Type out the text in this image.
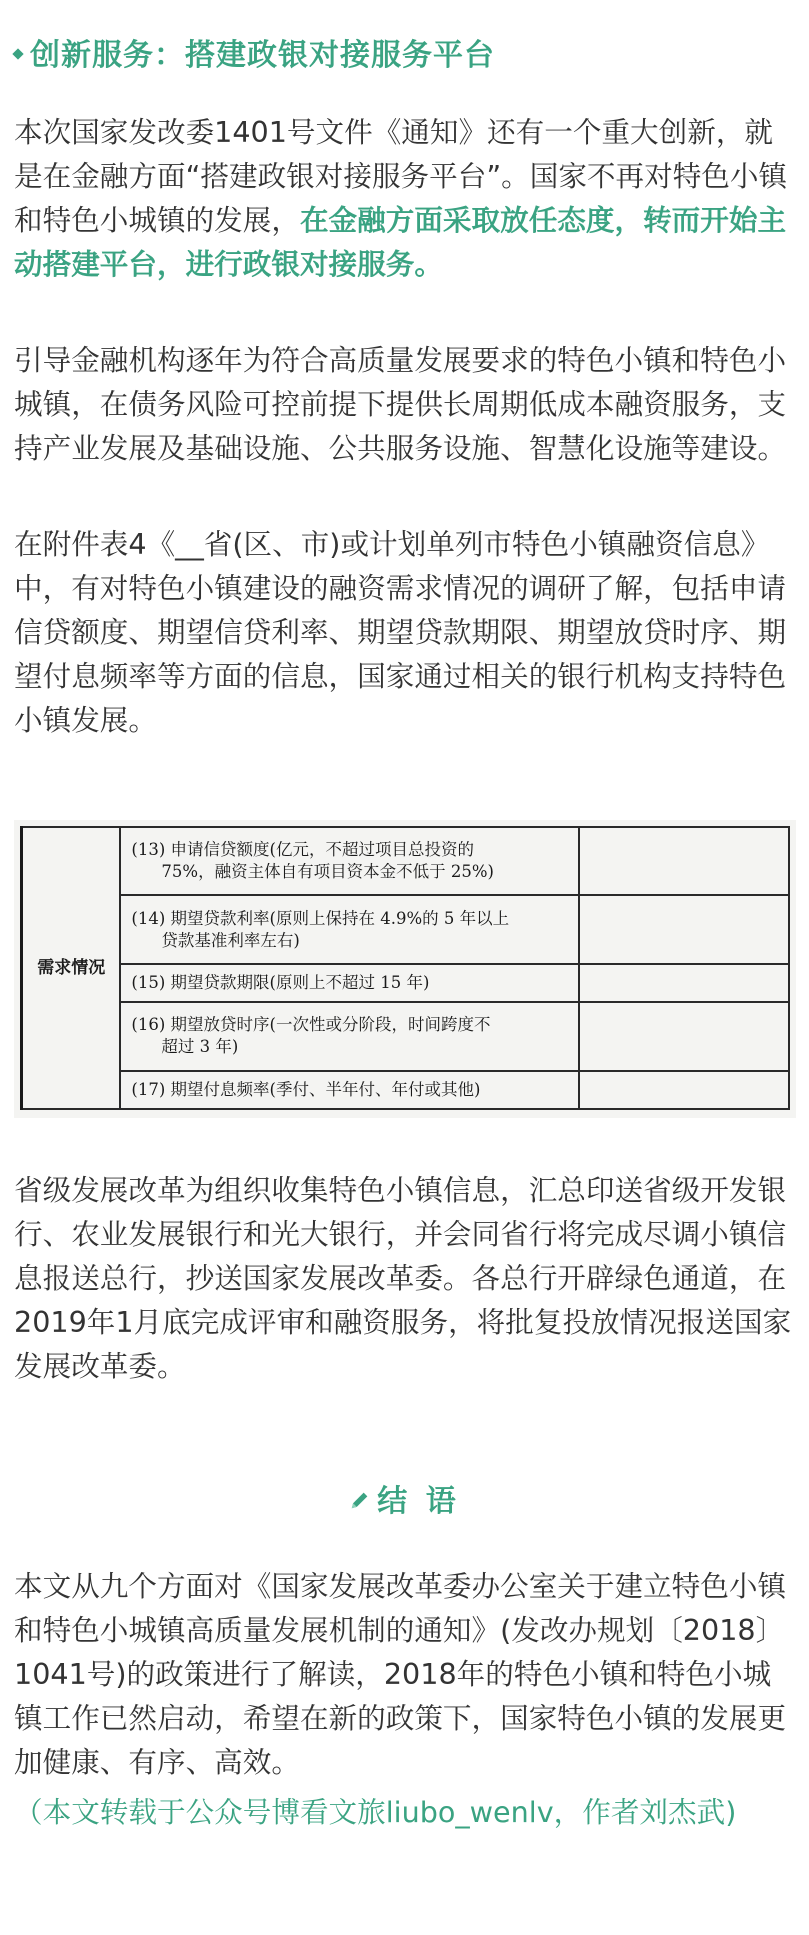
创新服务：搭建政银对接服务平台

本次国家发改委1401号文件《通知》还有一个重大创新，就是在金融方面“搭建政银对接服务平台”。国家不再对特色小镇和特色小城镇的发展，在金融方面采取放任态度，转而开始主动搭建平台，进行政银对接服务。

引导金融机构逐年为符合高质量发展要求的特色小镇和特色小城镇，在债务风险可控前提下提供长周期低成本融资服务，支持产业发展及基础设施、公共服务设施、智慧化设施等建设。

在附件表4《__省(区、市)或计划单列市特色小镇融资信息》中，有对特色小镇建设的融资需求情况的调研了解，包括申请信贷额度、期望信贷利率、期望贷款期限、期望放贷时序、期望付息频率等方面的信息，国家通过相关的银行机构支持特色小镇发展。

需求情况	(13) 申请信贷额度(亿元，不超过项目总投资的
75%，融资主体自有项目资本金不低于 25%)	

	(14) 期望贷款利率(原则上保持在 4.9%的 5 年以上
贷款基准利率左右)	

	(15) 期望贷款期限(原则上不超过 15 年)	
	(16) 期望放贷时序(一次性或分阶段，时间跨度不
超过 3 年)	

	(17) 期望付息频率(季付、半年付、年付或其他)	

省级发展改革为组织收集特色小镇信息，汇总印送省级开发银行、农业发展银行和光大银行，并会同省行将完成尽调小镇信息报送总行，抄送国家发展改革委。各总行开辟绿色通道，在2019年1月底完成评审和融资服务，将批复投放情况报送国家发展改革委。

结 语

本文从九个方面对《国家发展改革委办公室关于建立特色小镇和特色小城镇高质量发展机制的通知》(发改办规划〔2018〕1041号)的政策进行了解读，2018年的特色小镇和特色小城镇工作已然启动，希望在新的政策下，国家特色小镇的发展更加健康、有序、高效。

（本文转载于公众号博看文旅liubo_wenlv，作者刘杰武)
